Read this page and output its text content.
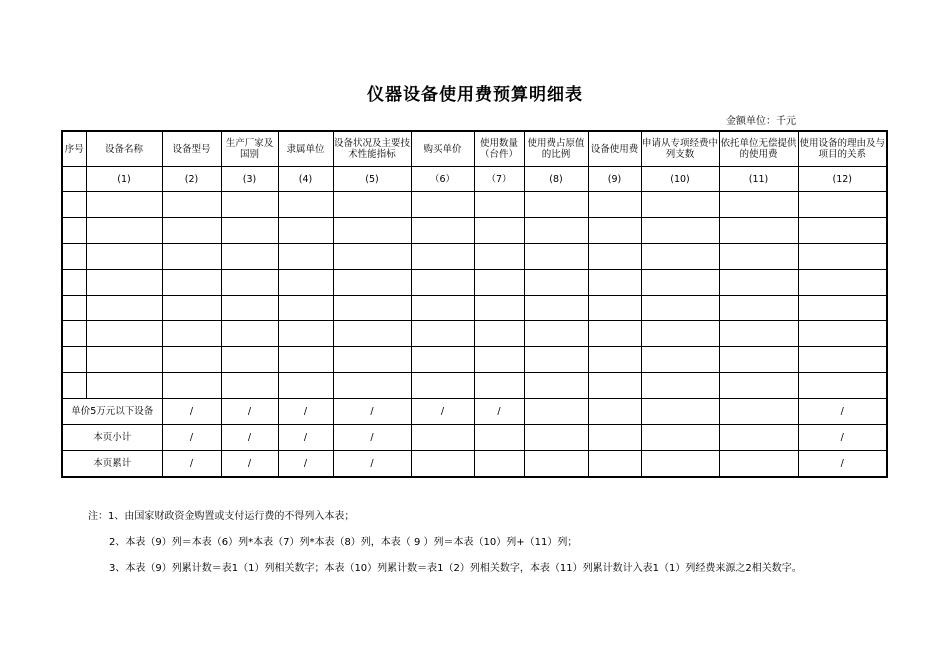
仪器设备使用费预算明细表
金额单位：千元
序号	设备名称	设备型号	生产厂家及国别	隶属单位	设备状况及主要技术性能指标	购买单价	使用数量（台件）	使用费占原值的比例	设备使用费	申请从专项经费中列支数	依托单位无偿提供的使用费	使用设备的理由及与项目的关系
	(1)	(2)	(3)	(4)	(5)	（6）	（7）	(8)	(9)	(10)	(11)	(12)

单价5万元以下设备		/	/	/	/	/	/					/
本页小计		/	/	/	/							/
本页累计		/	/	/	/							/
注：1、由国家财政资金购置或支付运行费的不得列入本表；
2、本表（9）列＝本表（6）列*本表（7）列*本表（8）列，本表（ 9 ）列＝本表（10）列+（11）列；
3、本表（9）列累计数＝表1（1）列相关数字；本表（10）列累计数＝表1（2）列相关数字，本表（11）列累计数计入表1（1）列经费来源之2相关数字。
